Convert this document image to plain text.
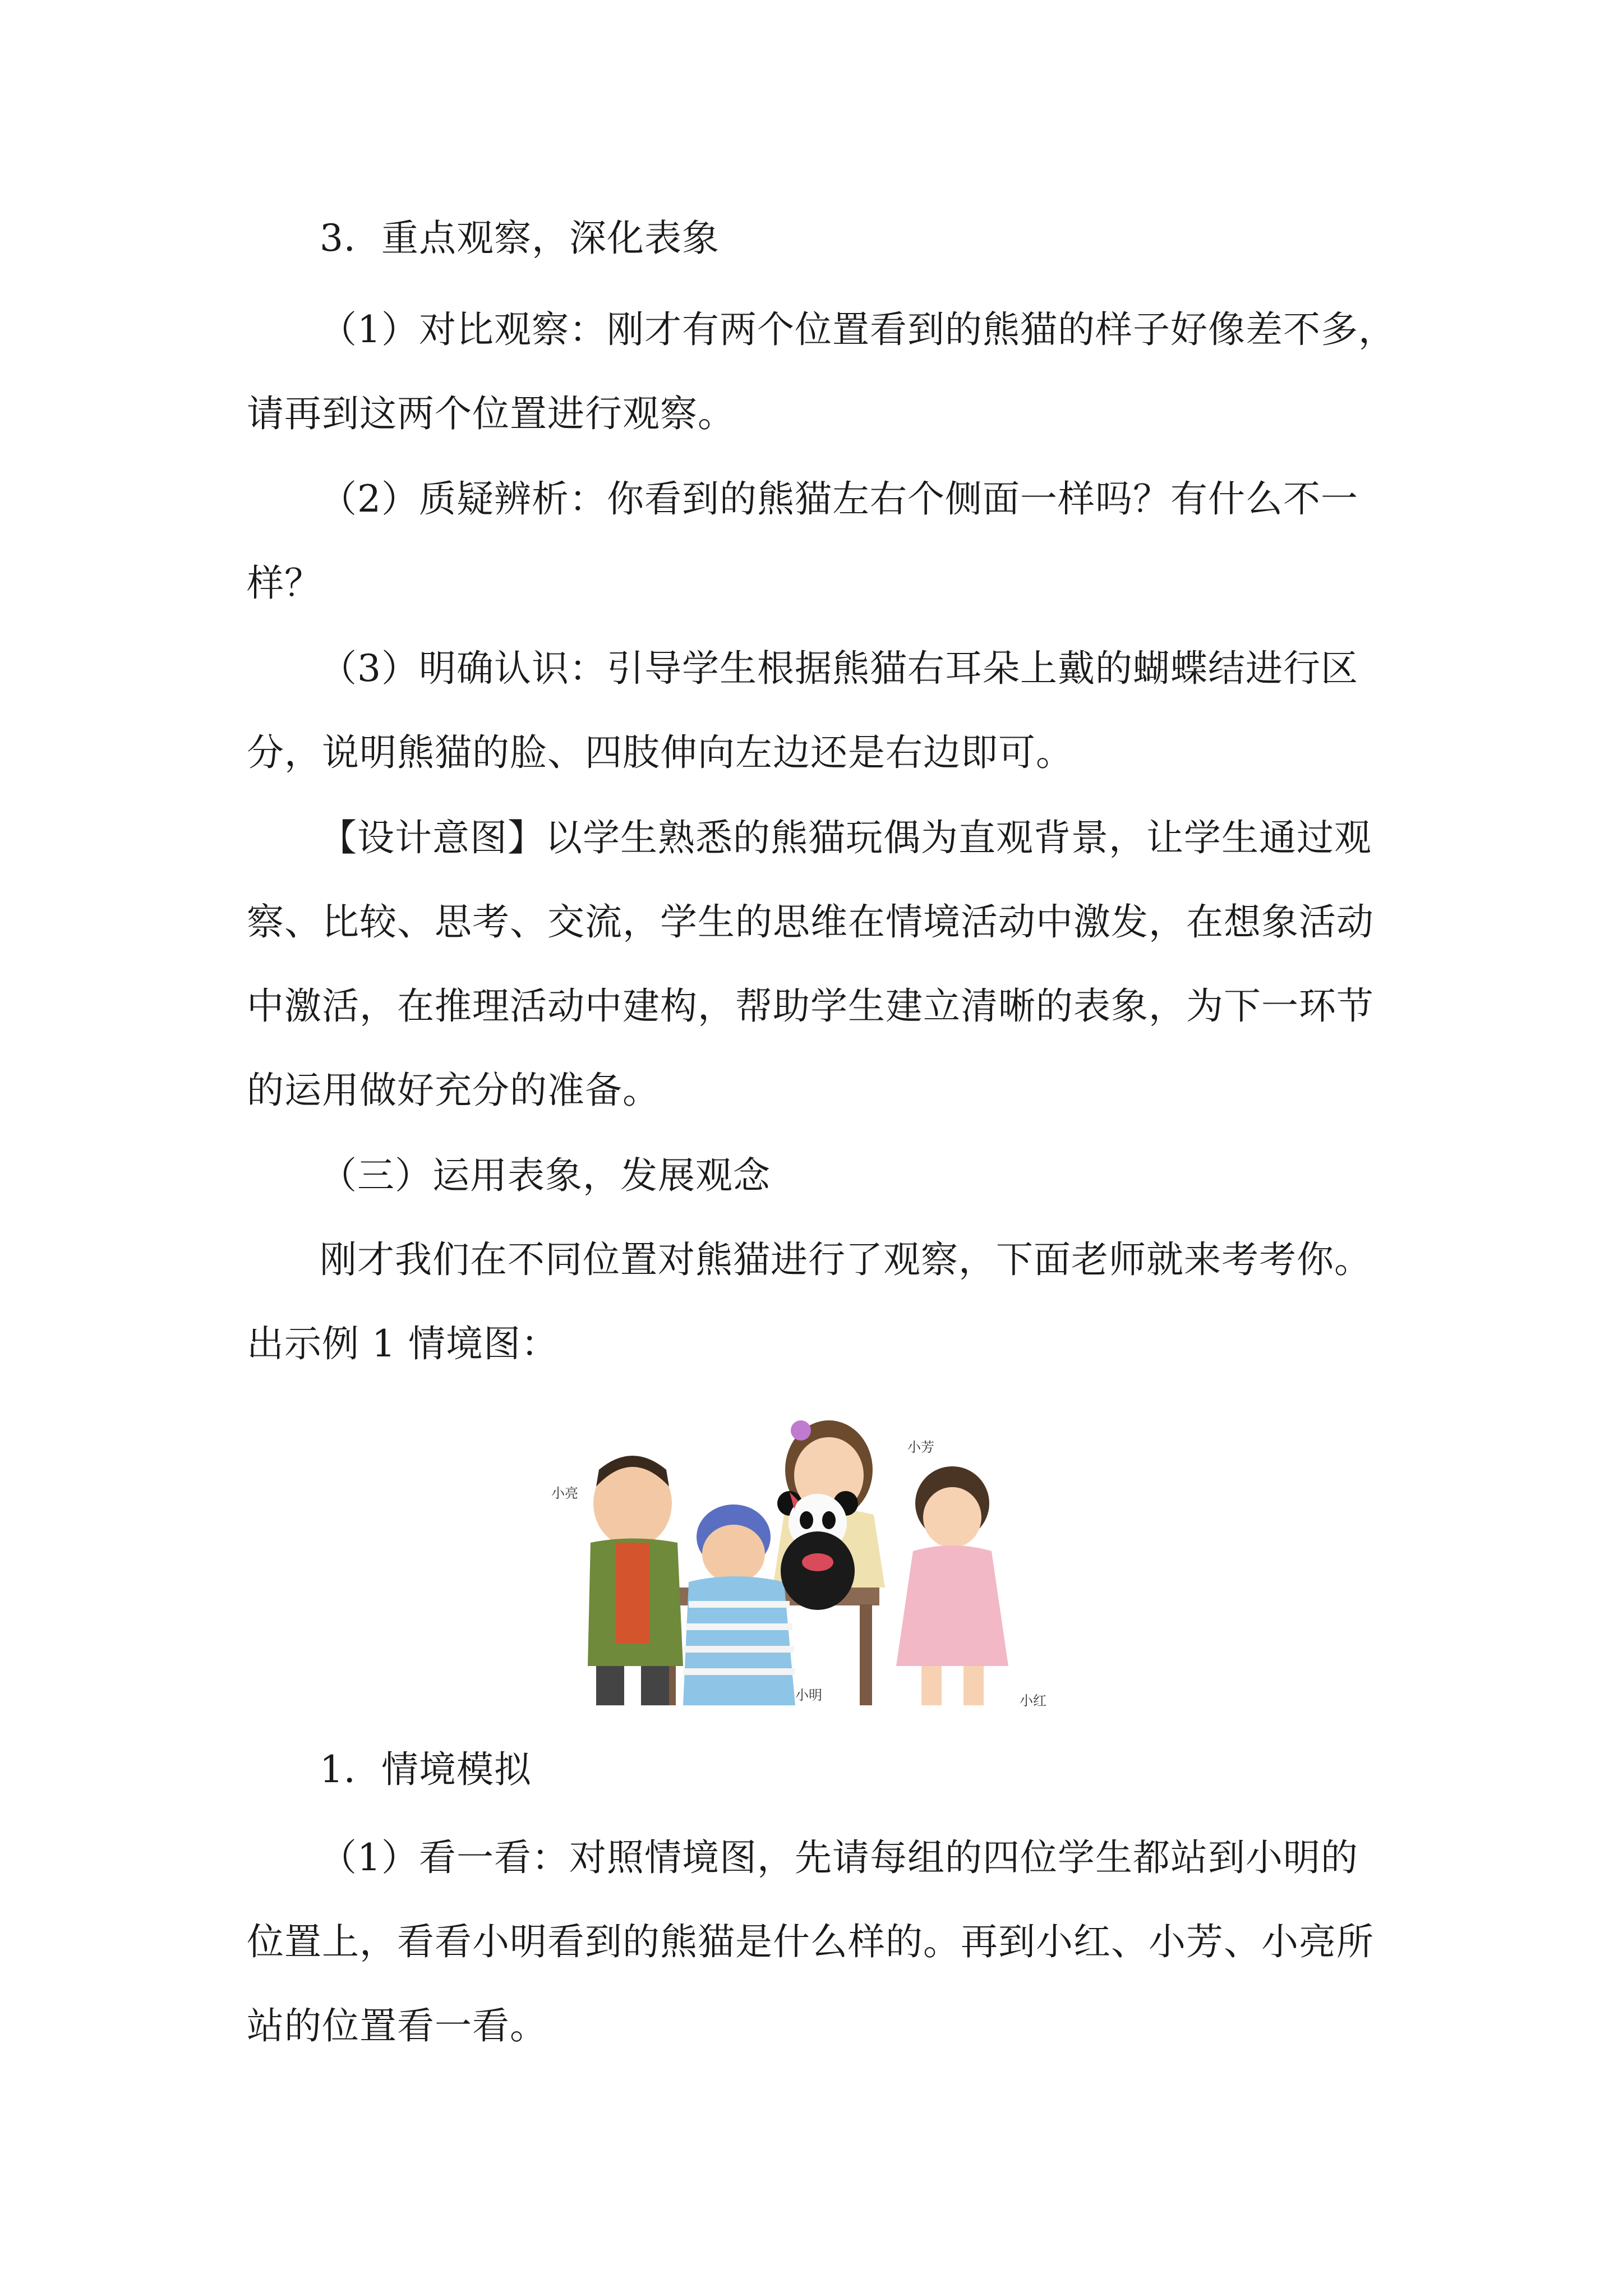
3．重点观察，深化表象
（1）对比观察：刚才有两个位置看到的熊猫的样子好像差不多，
请再到这两个位置进行观察。
（2）质疑辨析：你看到的熊猫左右个侧面一样吗？有什么不一
样？
（3）明确认识：引导学生根据熊猫右耳朵上戴的蝴蝶结进行区
分，说明熊猫的脸、四肢伸向左边还是右边即可。
【设计意图】以学生熟悉的熊猫玩偶为直观背景，让学生通过观
察、比较、思考、交流，学生的思维在情境活动中激发，在想象活动
中激活，在推理活动中建构，帮助学生建立清晰的表象，为下一环节
的运用做好充分的准备。
（三）运用表象，发展观念
刚才我们在不同位置对熊猫进行了观察，下面老师就来考考你。
出示例 1 情境图：
小芳
小亮
小明	小红
1．情境模拟
（1）看一看：对照情境图，先请每组的四位学生都站到小明的
位置上，看看小明看到的熊猫是什么样的。再到小红、小芳、小亮所
站的位置看一看。
